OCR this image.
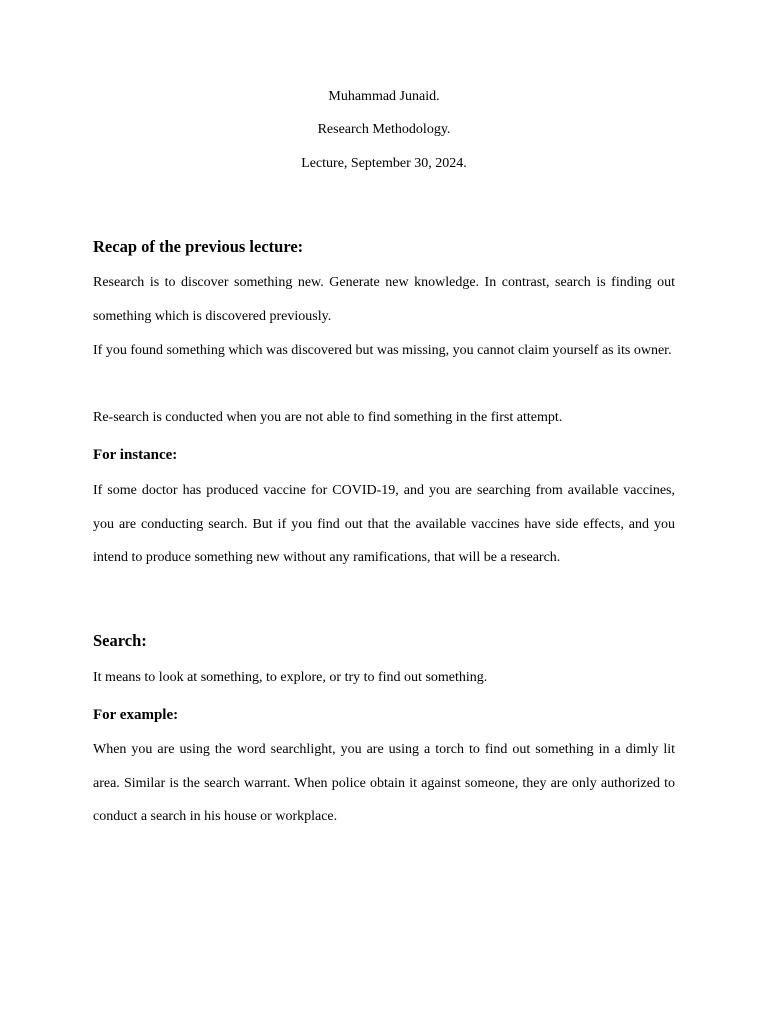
Muhammad Junaid.
Research Methodology.
Lecture, September 30, 2024.
Recap of the previous lecture:
Research is to discover something new. Generate new knowledge. In contrast, search is finding out something which is discovered previously.
If you found something which was discovered but was missing, you cannot claim yourself as its owner.
Re-search is conducted when you are not able to find something in the first attempt.
For instance:
If some doctor has produced vaccine for COVID-19, and you are searching from available vaccines, you are conducting search. But if you find out that the available vaccines have side effects, and you intend to produce something new without any ramifications, that will be a research.
Search:
It means to look at something, to explore, or try to find out something.
For example:
When you are using the word searchlight, you are using a torch to find out something in a dimly lit area. Similar is the search warrant. When police obtain it against someone, they are only authorized to conduct a search in his house or workplace.
